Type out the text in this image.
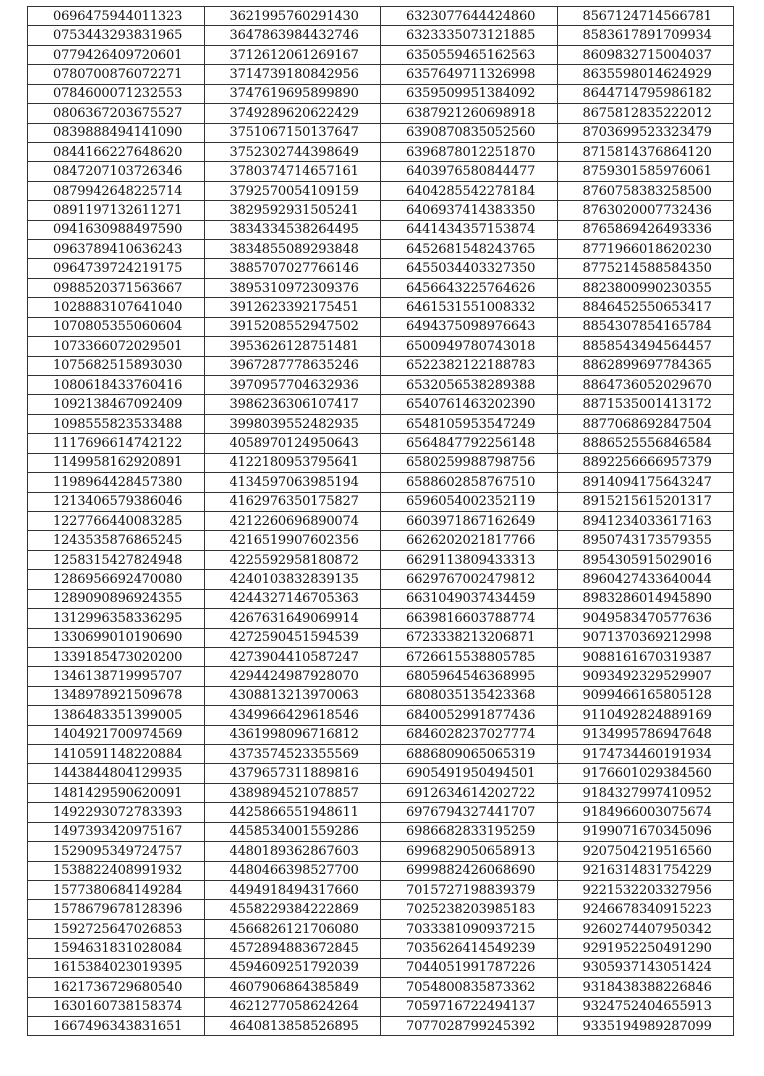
0696475944011323	3621995760291430	6323077644424860	8567124714566781
0753443293831965	3647863984432746	6323335073121885	8583617891709934
0779426409720601	3712612061269167	6350559465162563	8609832715004037
0780700876072271	3714739180842956	6357649711326998	8635598014624929
0784600071232553	3747619695899890	6359509951384092	8644714795986182
0806367203675527	3749289620622429	6387921260698918	8675812835222012
0839888494141090	3751067150137647	6390870835052560	8703699523323479
0844166227648620	3752302744398649	6396878012251870	8715814376864120
0847207103726346	3780374714657161	6403976580844477	8759301585976061
0879942648225714	3792570054109159	6404285542278184	8760758383258500
0891197132611271	3829592931505241	6406937414383350	8763020007732436
0941630988497590	3834334538264495	6441434357153874	8765869426493336
0963789410636243	3834855089293848	6452681548243765	8771966018620230
0964739724219175	3885707027766146	6455034403327350	8775214588584350
0988520371563667	3895310972309376	6456643225764626	8823800990230355
1028883107641040	3912623392175451	6461531551008332	8846452550653417
1070805355060604	3915208552947502	6494375098976643	8854307854165784
1073366072029501	3953626128751481	6500949780743018	8858543494564457
1075682515893030	3967287778635246	6522382122188783	8862899697784365
1080618433760416	3970957704632936	6532056538289388	8864736052029670
1092138467092409	3986236306107417	6540761463202390	8871535001413172
1098555823533488	3998039552482935	6548105953547249	8877068692847504
1117696614742122	4058970124950643	6564847792256148	8886525556846584
1149958162920891	4122180953795641	6580259988798756	8892256666957379
1198964428457380	4134597063985194	6588602858767510	8914094175643247
1213406579386046	4162976350175827	6596054002352119	8915215615201317
1227766440083285	4212260696890074	6603971867162649	8941234033617163
1243535876865245	4216519907602356	6626202021817766	8950743173579355
1258315427824948	4225592958180872	6629113809433313	8954305915029016
1286956692470080	4240103832839135	6629767002479812	8960427433640044
1289090896924355	4244327146705363	6631049037434459	8983286014945890
1312996358336295	4267631649069914	6639816603788774	9049583470577636
1330699010190690	4272590451594539	6723338213206871	9071370369212998
1339185473020200	4273904410587247	6726615538805785	9088161670319387
1346138719995707	4294424987928070	6805964546368995	9093492329529907
1348978921509678	4308813213970063	6808035135423368	9099466165805128
1386483351399005	4349966429618546	6840052991877436	9110492824889169
1404921700974569	4361998096716812	6846028237027774	9134995786947648
1410591148220884	4373574523355569	6886809065065319	9174734460191934
1443844804129935	4379657311889816	6905491950494501	9176601029384560
1481429590620091	4389894521078857	6912634614202722	9184327997410952
1492293072783393	4425866551948611	6976794327441707	9184966003075674
1497393420975167	4458534001559286	6986682833195259	9199071670345096
1529095349724757	4480189362867603	6996829050658913	9207504219516560
1538822408991932	4480466398527700	6999882426068690	9216314831754229
1577380684149284	4494918494317660	7015727198839379	9221532203327956
1578679678128396	4558229384222869	7025238203985183	9246678340915223
1592725647026853	4566826121706080	7033381090937215	9260274407950342
1594631831028084	4572894883672845	7035626414549239	9291952250491290
1615384023019395	4594609251792039	7044051991787226	9305937143051424
1621736729680540	4607906864385849	7054800835873362	9318438388226846
1630160738158374	4621277058624264	7059716722494137	9324752404655913
1667496343831651	4640813858526895	7077028799245392	9335194989287099
